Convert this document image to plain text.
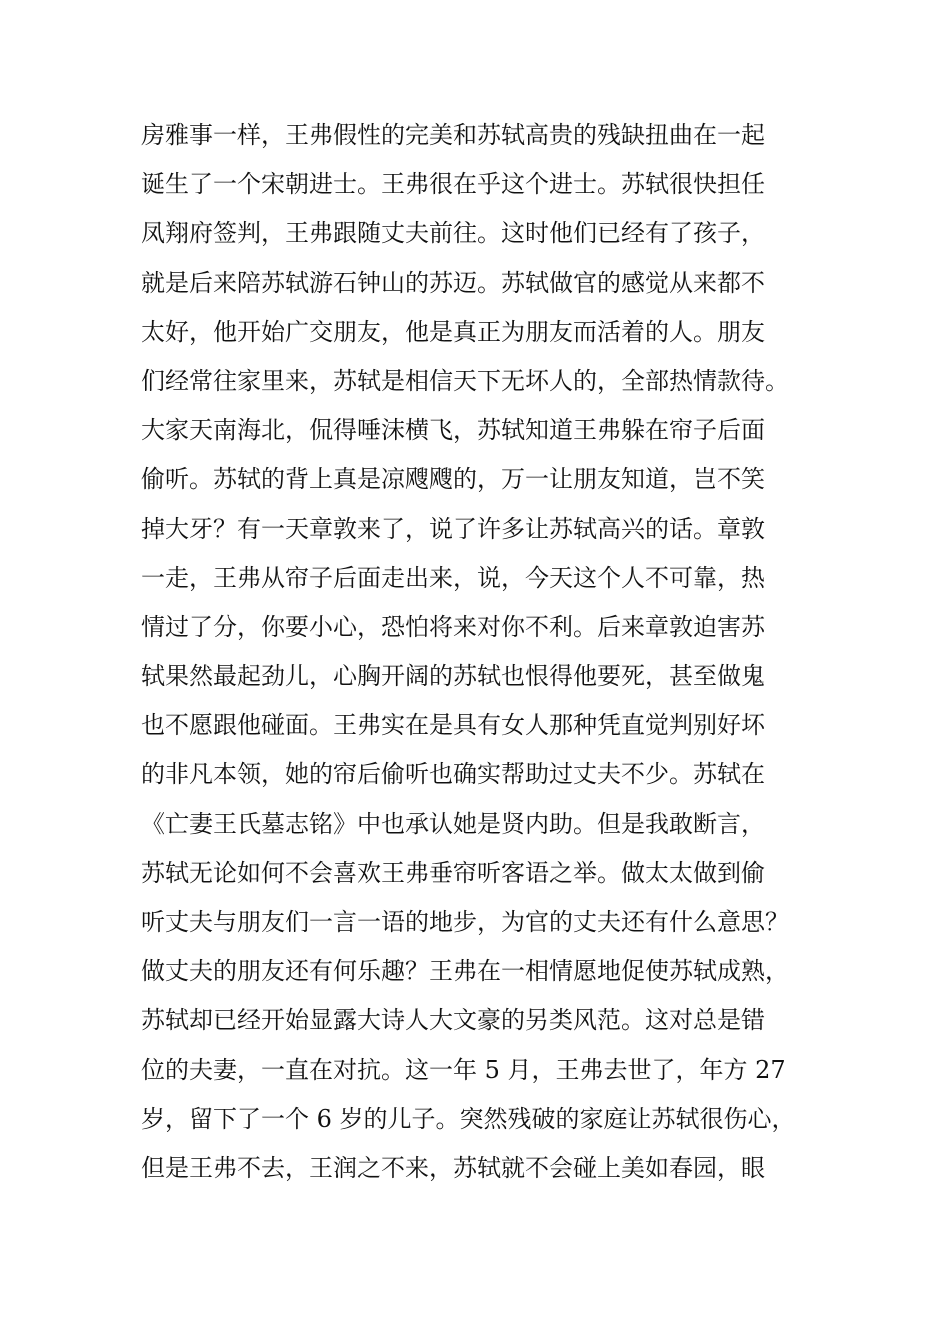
房雅事一样，王弗假性的完美和苏轼高贵的残缺扭曲在一起
诞生了一个宋朝进士。王弗很在乎这个进士。苏轼很快担任
凤翔府签判，王弗跟随丈夫前往。这时他们已经有了孩子，
就是后来陪苏轼游石钟山的苏迈。苏轼做官的感觉从来都不
太好，他开始广交朋友，他是真正为朋友而活着的人。朋友
们经常往家里来，苏轼是相信天下无坏人的，全部热情款待。
大家天南海北，侃得唾沫横飞，苏轼知道王弗躲在帘子后面
偷听。苏轼的背上真是凉飕飕的，万一让朋友知道，岂不笑
掉大牙？有一天章敦来了，说了许多让苏轼高兴的话。章敦
一走，王弗从帘子后面走出来，说，今天这个人不可靠，热
情过了分，你要小心，恐怕将来对你不利。后来章敦迫害苏
轼果然最起劲儿，心胸开阔的苏轼也恨得他要死，甚至做鬼
也不愿跟他碰面。王弗实在是具有女人那种凭直觉判别好坏
的非凡本领，她的帘后偷听也确实帮助过丈夫不少。苏轼在
《亡妻王氏墓志铭》中也承认她是贤内助。但是我敢断言，
苏轼无论如何不会喜欢王弗垂帘听客语之举。做太太做到偷
听丈夫与朋友们一言一语的地步，为官的丈夫还有什么意思？
做丈夫的朋友还有何乐趣？王弗在一相情愿地促使苏轼成熟，
苏轼却已经开始显露大诗人大文豪的另类风范。这对总是错
位的夫妻，一直在对抗。这一年 5 月，王弗去世了，年方 27
岁，留下了一个 6 岁的儿子。突然残破的家庭让苏轼很伤心，
但是王弗不去，王润之不来，苏轼就不会碰上美如春园，眼
